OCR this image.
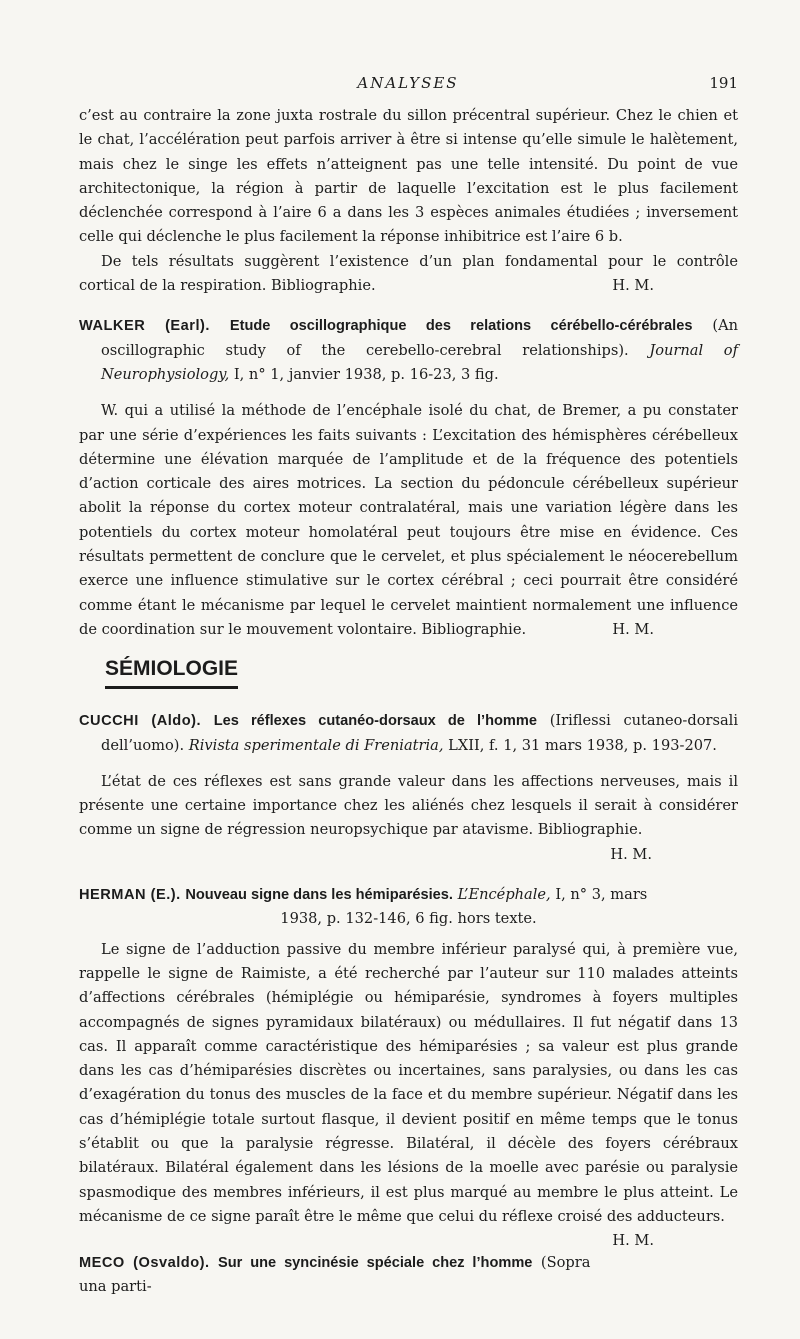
ANALYSES	191

c’est au contraire la zone juxta rostrale du sillon précentral supérieur. Chez le chien et le chat, l’accélération peut parfois arriver à être si intense qu’elle simule le halètement, mais chez le singe les effets n’atteignent pas une telle intensité. Du point de vue architectonique, la région à partir de laquelle l’excitation est le plus facilement déclenchée correspond à l’aire 6 a dans les 3 espèces animales étudiées ; inversement celle qui déclenche le plus facilement la réponse inhibitrice est l’aire 6 b.

De tels résultats suggèrent l’existence d’un plan fondamental pour le contrôle cortical de la respiration. Bibliographie.	H. M.

WALKER (Earl). Etude oscillographique des relations cérébello-cérébrales (An oscillographic study of the cerebello-cerebral relationships). Journal of Neurophysiology, I, n° 1, janvier 1938, p. 16-23, 3 fig.

W. qui a utilisé la méthode de l’encéphale isolé du chat, de Bremer, a pu constater par une série d’expériences les faits suivants : L’excitation des hémisphères cérébelleux détermine une élévation marquée de l’amplitude et de la fréquence des potentiels d’action corticale des aires motrices. La section du pédoncule cérébelleux supérieur abolit la réponse du cortex moteur contralatéral, mais une variation légère dans les potentiels du cortex moteur homolatéral peut toujours être mise en évidence. Ces résultats permettent de conclure que le cervelet, et plus spécialement le néocerebellum exerce une influence stimulative sur le cortex cérébral ; ceci pourrait être considéré comme étant le mécanisme par lequel le cervelet maintient normalement une influence de coordination sur le mouvement volontaire. Bibliographie.	H. M.

SÉMIOLOGIE

CUCCHI (Aldo). Les réflexes cutanéo-dorsaux de l’homme (Iriflessi cutaneo-dorsali dell’uomo). Rivista sperimentale di Freniatria, LXII, f. 1, 31 mars 1938, p. 193-207.

L’état de ces réflexes est sans grande valeur dans les affections nerveuses, mais il présente une certaine importance chez les aliénés chez lesquels il serait à considérer comme un signe de régression neuropsychique par atavisme. Bibliographie.

H. M.

HERMAN (E.). Nouveau signe dans les hémiparésies. L’Encéphale, I, n° 3, mars

1938, p. 132-146, 6 fig. hors texte.

Le signe de l’adduction passive du membre inférieur paralysé qui, à première vue, rappelle le signe de Raimiste, a été recherché par l’auteur sur 110 malades atteints d’affections cérébrales (hémiplégie ou hémiparésie, syndromes à foyers multiples accompagnés de signes pyramidaux bilatéraux) ou médullaires. Il fut négatif dans 13 cas. Il apparaît comme caractéristique des hémiparésies ; sa valeur est plus grande dans les cas d’hémiparésies discrètes ou incertaines, sans paralysies, ou dans les cas d’exagération du tonus des muscles de la face et du membre supérieur. Négatif dans les cas d’hémiplégie totale surtout flasque, il devient positif en même temps que le tonus s’établit ou que la paralysie régresse. Bilatéral, il décèle des foyers cérébraux bilatéraux. Bilatéral également dans les lésions de la moelle avec parésie ou paralysie spasmodique des membres inférieurs, il est plus marqué au membre le plus atteint. Le mécanisme de ce signe paraît être le même que celui du réflexe croisé des adducteurs.
H. M.

MECO (Osvaldo). Sur une syncinésie spéciale chez l’homme (Sopra una parti-
